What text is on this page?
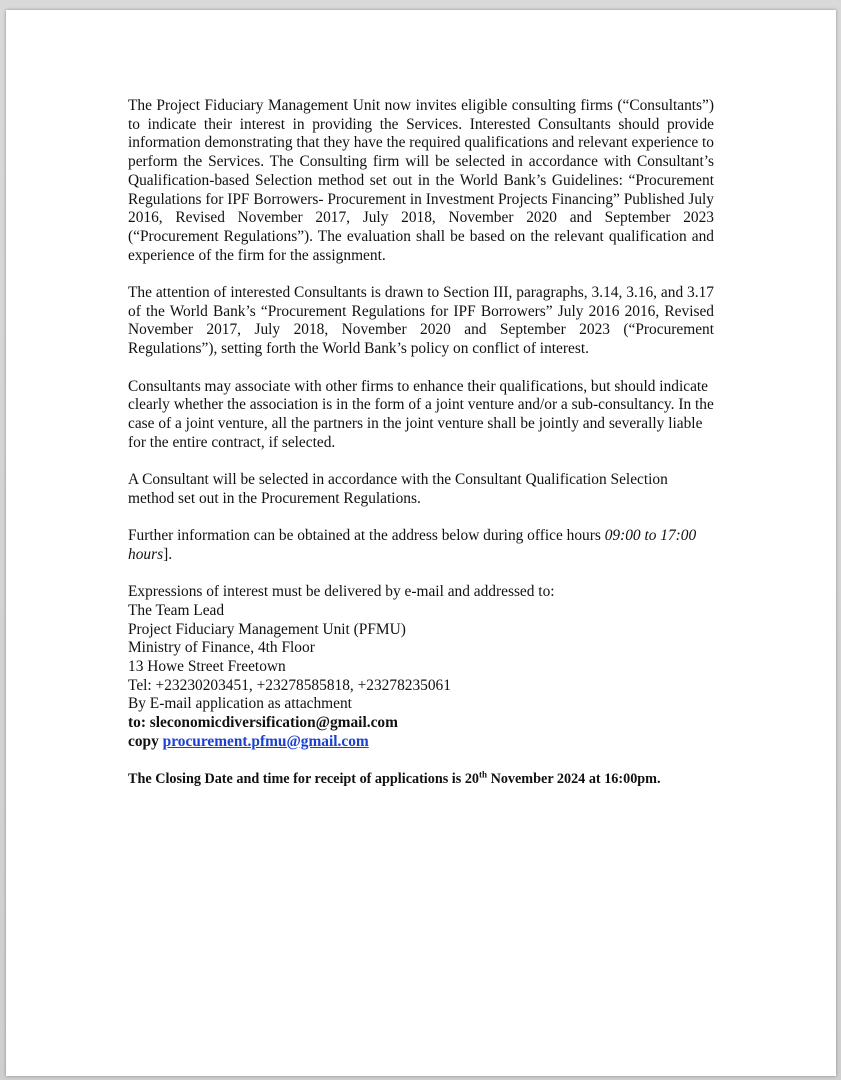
The Project Fiduciary Management Unit now invites eligible consulting firms (“Consultants”) to indicate their interest in providing the Services. Interested Consultants should provide information demonstrating that they have the required qualifications and relevant experience to perform the Services. The Consulting firm will be selected in accordance with Consultant’s Qualification-based Selection method set out in the World Bank’s Guidelines: “Procurement Regulations for IPF Borrowers- Procurement in Investment Projects Financing” Published July 2016, Revised November 2017, July 2018, November 2020 and September 2023 (“Procurement Regulations”). The evaluation shall be based on the relevant qualification and experience of the firm for the assignment.

The attention of interested Consultants is drawn to Section III, paragraphs, 3.14, 3.16, and 3.17 of the World Bank’s “Procurement Regulations for IPF Borrowers” July 2016 2016, Revised November 2017, July 2018, November 2020 and September 2023 (“Procurement Regulations”), setting forth the World Bank’s policy on conflict of interest.

Consultants may associate with other firms to enhance their qualifications, but should indicate clearly whether the association is in the form of a joint venture and/or a sub-consultancy. In the case of a joint venture, all the partners in the joint venture shall be jointly and severally liable for the entire contract, if selected.

A Consultant will be selected in accordance with the Consultant Qualification Selection method set out in the Procurement Regulations.

Further information can be obtained at the address below during office hours 09:00 to 17:00 hours].

Expressions of interest must be delivered by e-mail and addressed to:
The Team Lead
Project Fiduciary Management Unit (PFMU)
Ministry of Finance, 4th Floor
13 Howe Street Freetown
Tel: +23230203451, +23278585818, +23278235061
By E-mail application as attachment
to: sleconomicdiversification@gmail.com
copy procurement.pfmu@gmail.com

The Closing Date and time for receipt of applications is 20th November 2024 at 16:00pm.
